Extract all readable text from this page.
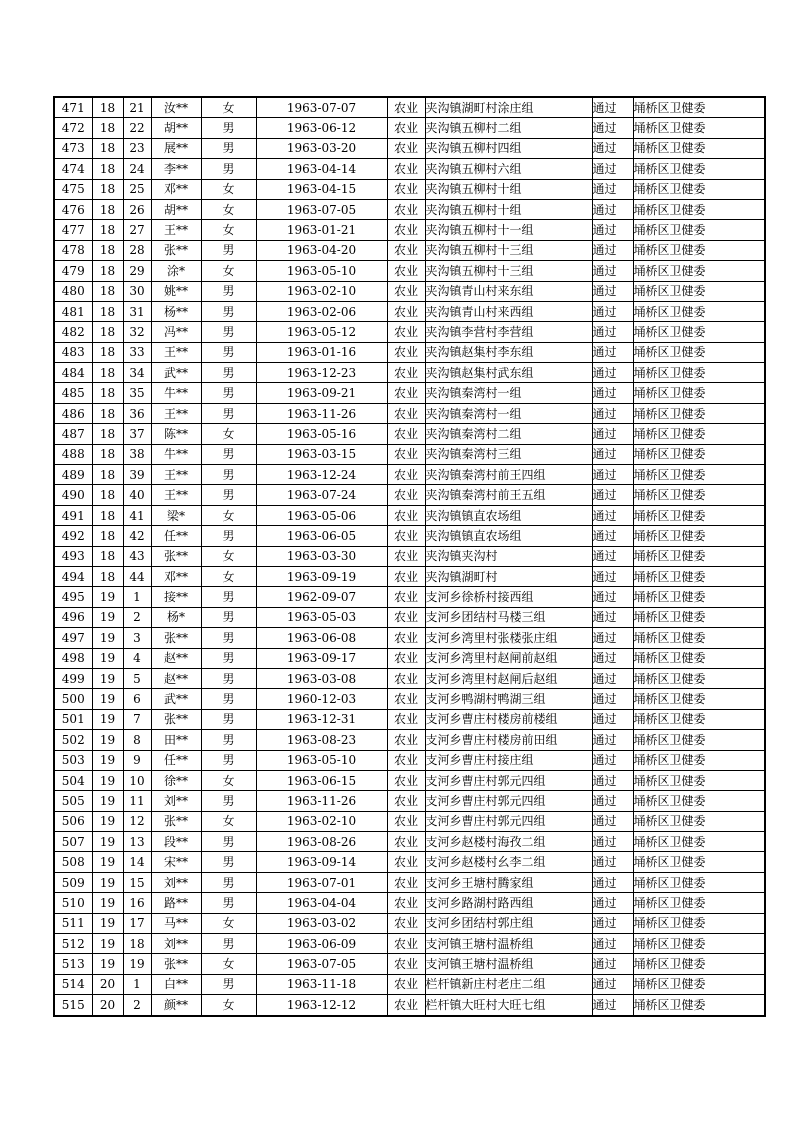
471	18	21	汝**	女	1963-07-07	农业	夹沟镇湖町村涂庄组	通过	埇桥区卫健委
472	18	22	胡**	男	1963-06-12	农业	夹沟镇五柳村二组	通过	埇桥区卫健委
473	18	23	展**	男	1963-03-20	农业	夹沟镇五柳村四组	通过	埇桥区卫健委
474	18	24	李**	男	1963-04-14	农业	夹沟镇五柳村六组	通过	埇桥区卫健委
475	18	25	邓**	女	1963-04-15	农业	夹沟镇五柳村十组	通过	埇桥区卫健委
476	18	26	胡**	女	1963-07-05	农业	夹沟镇五柳村十组	通过	埇桥区卫健委
477	18	27	王**	女	1963-01-21	农业	夹沟镇五柳村十一组	通过	埇桥区卫健委
478	18	28	张**	男	1963-04-20	农业	夹沟镇五柳村十三组	通过	埇桥区卫健委
479	18	29	涂*	女	1963-05-10	农业	夹沟镇五柳村十三组	通过	埇桥区卫健委
480	18	30	姚**	男	1963-02-10	农业	夹沟镇青山村来东组	通过	埇桥区卫健委
481	18	31	杨**	男	1963-02-06	农业	夹沟镇青山村来西组	通过	埇桥区卫健委
482	18	32	冯**	男	1963-05-12	农业	夹沟镇李营村李营组	通过	埇桥区卫健委
483	18	33	王**	男	1963-01-16	农业	夹沟镇赵集村李东组	通过	埇桥区卫健委
484	18	34	武**	男	1963-12-23	农业	夹沟镇赵集村武东组	通过	埇桥区卫健委
485	18	35	牛**	男	1963-09-21	农业	夹沟镇秦湾村一组	通过	埇桥区卫健委
486	18	36	王**	男	1963-11-26	农业	夹沟镇秦湾村一组	通过	埇桥区卫健委
487	18	37	陈**	女	1963-05-16	农业	夹沟镇秦湾村二组	通过	埇桥区卫健委
488	18	38	牛**	男	1963-03-15	农业	夹沟镇秦湾村三组	通过	埇桥区卫健委
489	18	39	王**	男	1963-12-24	农业	夹沟镇秦湾村前王四组	通过	埇桥区卫健委
490	18	40	王**	男	1963-07-24	农业	夹沟镇秦湾村前王五组	通过	埇桥区卫健委
491	18	41	梁*	女	1963-05-06	农业	夹沟镇镇直农场组	通过	埇桥区卫健委
492	18	42	任**	男	1963-06-05	农业	夹沟镇镇直农场组	通过	埇桥区卫健委
493	18	43	张**	女	1963-03-30	农业	夹沟镇夹沟村	通过	埇桥区卫健委
494	18	44	邓**	女	1963-09-19	农业	夹沟镇湖町村	通过	埇桥区卫健委
495	19	1	接**	男	1962-09-07	农业	支河乡徐桥村接西组	通过	埇桥区卫健委
496	19	2	杨*	男	1963-05-03	农业	支河乡团结村马楼三组	通过	埇桥区卫健委
497	19	3	张**	男	1963-06-08	农业	支河乡湾里村张楼张庄组	通过	埇桥区卫健委
498	19	4	赵**	男	1963-09-17	农业	支河乡湾里村赵闸前赵组	通过	埇桥区卫健委
499	19	5	赵**	男	1963-03-08	农业	支河乡湾里村赵闸后赵组	通过	埇桥区卫健委
500	19	6	武**	男	1960-12-03	农业	支河乡鸭湖村鸭湖三组	通过	埇桥区卫健委
501	19	7	张**	男	1963-12-31	农业	支河乡曹庄村楼房前楼组	通过	埇桥区卫健委
502	19	8	田**	男	1963-08-23	农业	支河乡曹庄村楼房前田组	通过	埇桥区卫健委
503	19	9	任**	男	1963-05-10	农业	支河乡曹庄村接庄组	通过	埇桥区卫健委
504	19	10	徐**	女	1963-06-15	农业	支河乡曹庄村郭元四组	通过	埇桥区卫健委
505	19	11	刘**	男	1963-11-26	农业	支河乡曹庄村郭元四组	通过	埇桥区卫健委
506	19	12	张**	女	1963-02-10	农业	支河乡曹庄村郭元四组	通过	埇桥区卫健委
507	19	13	段**	男	1963-08-26	农业	支河乡赵楼村海孜二组	通过	埇桥区卫健委
508	19	14	宋**	男	1963-09-14	农业	支河乡赵楼村幺李二组	通过	埇桥区卫健委
509	19	15	刘**	男	1963-07-01	农业	支河乡王塘村腾家组	通过	埇桥区卫健委
510	19	16	路**	男	1963-04-04	农业	支河乡路湖村路西组	通过	埇桥区卫健委
511	19	17	马**	女	1963-03-02	农业	支河乡团结村郭庄组	通过	埇桥区卫健委
512	19	18	刘**	男	1963-06-09	农业	支河镇王塘村温桥组	通过	埇桥区卫健委
513	19	19	张**	女	1963-07-05	农业	支河镇王塘村温桥组	通过	埇桥区卫健委
514	20	1	白**	男	1963-11-18	农业	栏杆镇新庄村老庄二组	通过	埇桥区卫健委
515	20	2	颜**	女	1963-12-12	农业	栏杆镇大旺村大旺七组	通过	埇桥区卫健委
